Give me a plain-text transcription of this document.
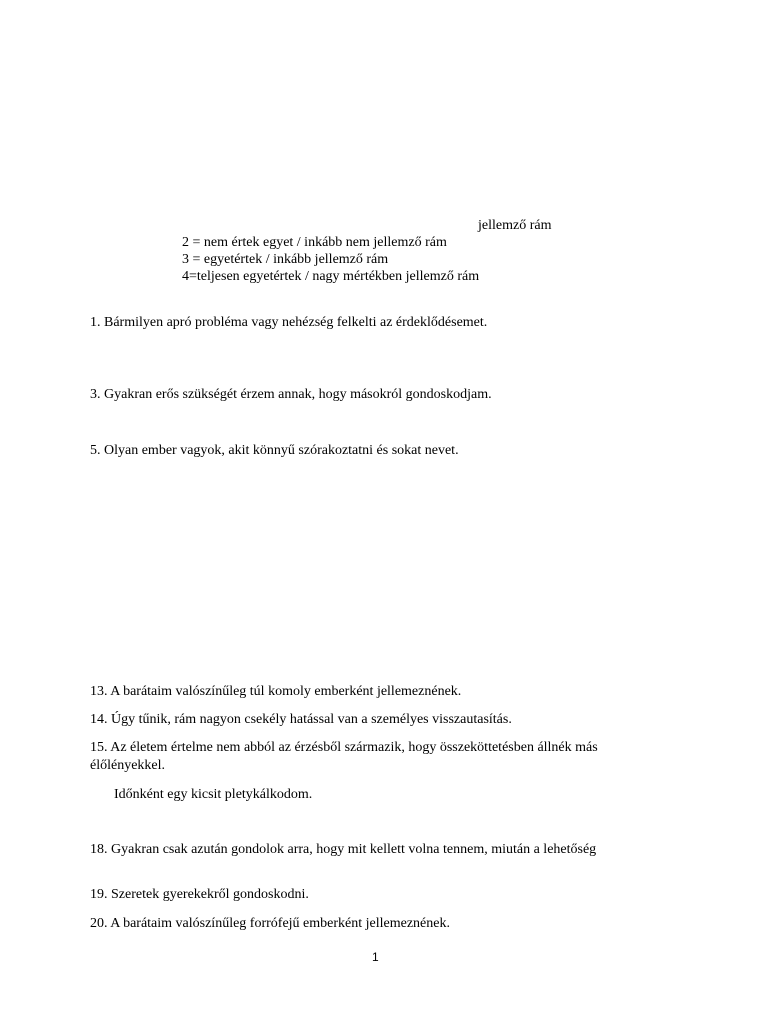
jellemző rám
2 = nem értek egyet / inkább nem jellemző rám
3 = egyetértek / inkább jellemző rám
4=teljesen egyetértek / nagy mértékben jellemző rám
1. Bármilyen apró probléma vagy nehézség felkelti az érdeklődésemet.
3. Gyakran erős szükségét érzem annak, hogy másokról gondoskodjam.
5. Olyan ember vagyok, akit könnyű szórakoztatni és sokat nevet.
13. A barátaim valószínűleg túl komoly emberként jellemeznének.
14. Úgy tűnik, rám nagyon csekély hatással van a személyes visszautasítás.
15. Az életem értelme nem abból az érzésből származik, hogy összeköttetésben állnék más élőlényekkel.
Időnként egy kicsit pletykálkodom.
18. Gyakran csak azután gondolok arra, hogy mit kellett volna tennem, miután a lehetőség
19. Szeretek gyerekekről gondoskodni.
20. A barátaim valószínűleg forrófejű emberként jellemeznének.
1
